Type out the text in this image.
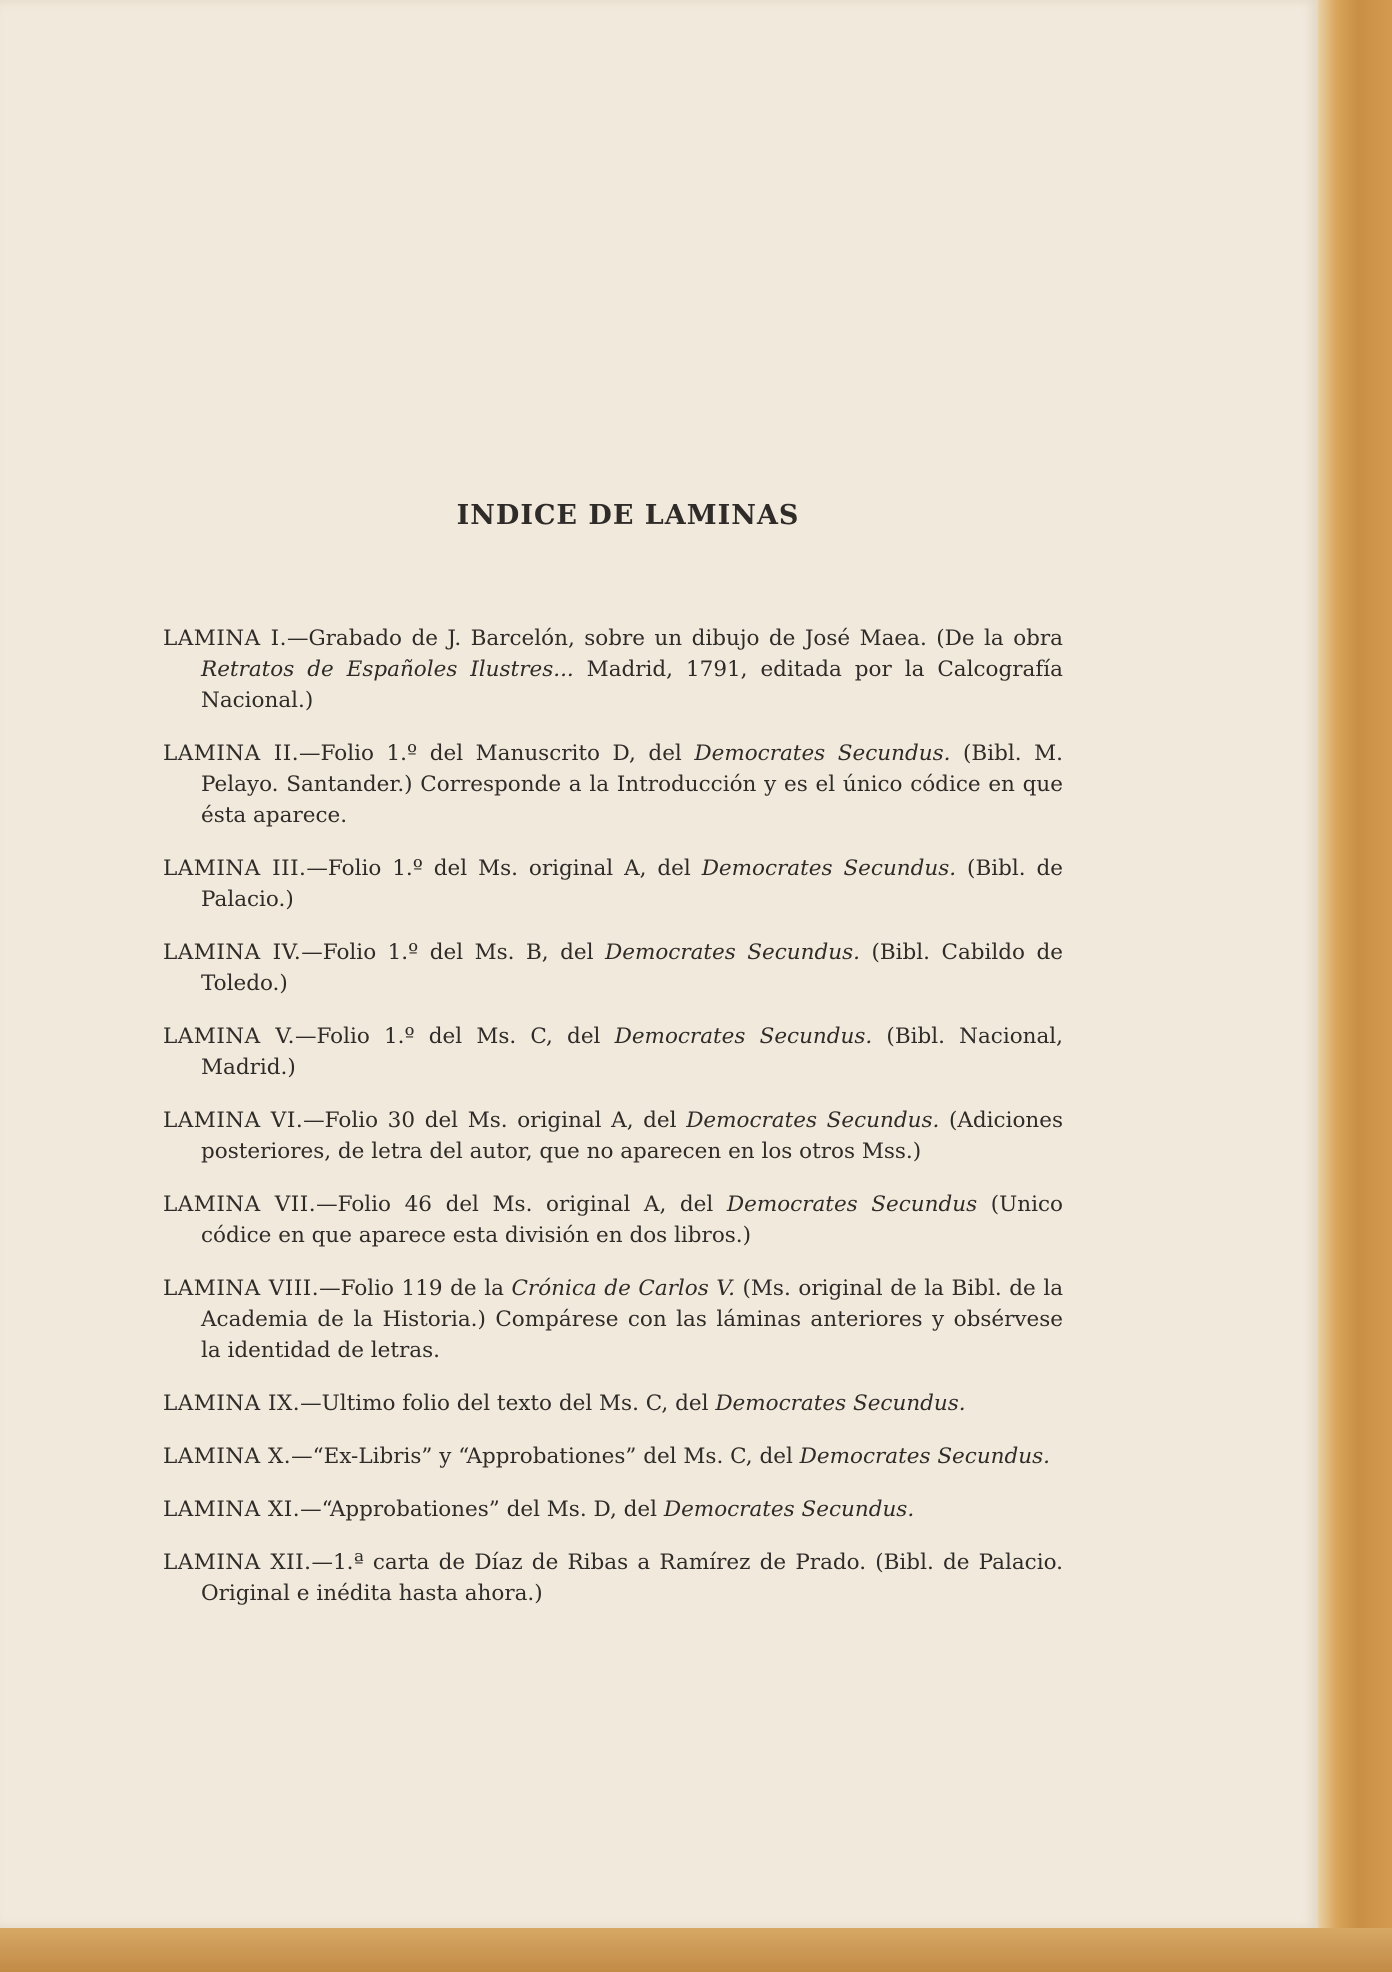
INDICE DE LAMINAS

LAMINA I.—Grabado de J. Barcelón, sobre un dibujo de José Maea. (De la obra Retratos de Españoles Ilustres... Madrid, 1791, editada por la Calcografía Nacional.)

LAMINA II.—Folio 1.º del Manuscrito D, del Democrates Secundus. (Bibl. M. Pelayo. Santander.) Corresponde a la Introducción y es el único códice en que ésta aparece.

LAMINA III.—Folio 1.º del Ms. original A, del Democrates Secundus. (Bibl. de Palacio.)

LAMINA IV.—Folio 1.º del Ms. B, del Democrates Secundus. (Bibl. Cabildo de Toledo.)

LAMINA V.—Folio 1.º del Ms. C, del Democrates Secundus. (Bibl. Nacional, Madrid.)

LAMINA VI.—Folio 30 del Ms. original A, del Democrates Secundus. (Adiciones posteriores, de letra del autor, que no aparecen en los otros Mss.)

LAMINA VII.—Folio 46 del Ms. original A, del Democrates Secundus (Unico códice en que aparece esta división en dos libros.)

LAMINA VIII.—Folio 119 de la Crónica de Carlos V. (Ms. original de la Bibl. de la Academia de la Historia.) Compárese con las láminas anteriores y obsérvese la identidad de letras.

LAMINA IX.—Ultimo folio del texto del Ms. C, del Democrates Secundus.

LAMINA X.—“Ex-Libris” y “Approbationes” del Ms. C, del Democrates Secundus.

LAMINA XI.—“Approbationes” del Ms. D, del Democrates Secundus.

LAMINA XII.—1.ª carta de Díaz de Ribas a Ramírez de Prado. (Bibl. de Palacio. Original e inédita hasta ahora.)
